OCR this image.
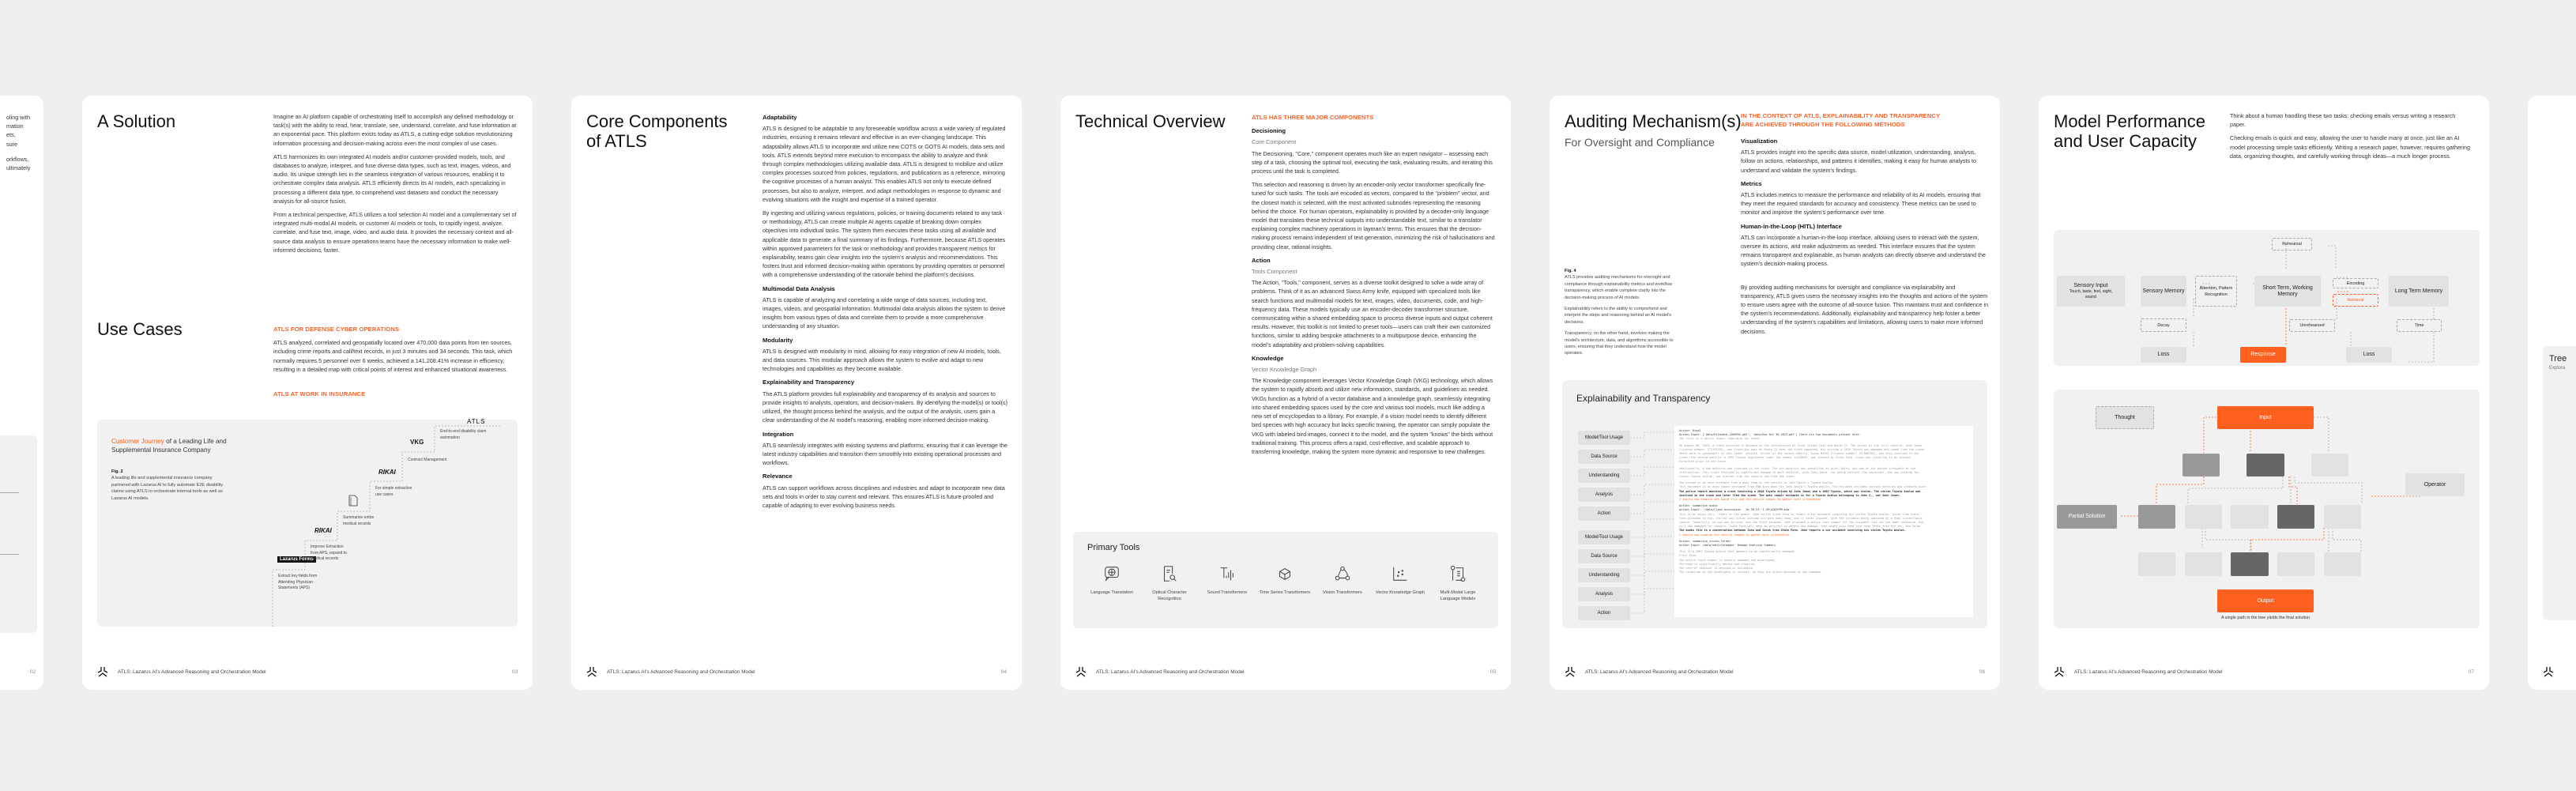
oling with
mation
ets,
sure
orkflows,
ultimately
02
A Solution	Imagine an AI platform capable of orchestrating itself to accomplish any defined methodology or task(s) with the ability to read, hear, translate, see, understand, correlate, and fuse information at an exponential pace. This platform exists today as ATLS, a cutting-edge solution revolutionizing information processing and decision-making across even the most complex of use cases.

ATLS harmonizes its own integrated AI models and/or customer-provided models, tools, and databases to analyze, interpret, and fuse diverse data types, such as text, images, videos, and audio. Its unique strength lies in the seamless integration of various resources, enabling it to orchestrate complex data analysis. ATLS efficiently directs its AI models, each specializing in processing a different data type, to comprehend vast datasets and conduct the necessary analysis for all-source fusion.

From a technical perspective, ATLS utilizes a tool selection AI model and a complementary set of integrated multi-modal AI models, or customer AI models or tools, to rapidly ingest, analyze, correlate, and fuse text, image, video, and audio data. It provides the necessary context and all-source data analysis to ensure operations teams have the necessary information to make well-informed decisions, faster.

Use Cases	ATLS FOR DEFENSE CYBER OPERATIONS

ATLS analyzed, correlated and geospatially located over 470,000 data points from ten sources, including crime reports and call/text records, in just 3 minutes and 34 seconds. This task, which normally requires 5 personnel over 6 weeks, achieved a 141,208.41% increase in efficiency, resulting in a detailed map with critical points of interest and enhanced situational awareness.

ATLS AT WORK IN INSURANCE
Customer Journey of a Leading Life and Supplemental Insurance Company
Fig. 2
A leading life and supplemental insurance company partnered with Lazarus AI to fully automate E2E disability claims using ATLS to orchestrate internal tools as well as Lazarus AI models.
Extract key fields from Attending Physician Statements (APS)
Lazarus Forms
Improve Extraction from APS, expand to medical records
RIKAI
Summarize entire medical records
For simple extraction use cases
RIKAI
Contract Management
VKG
End-to-end disability claim automation
ATLS
ATLS: Lazarus AI's Advanced Reasoning and Orchestration Model	03
Core Components
of ATLS
Adaptability

ATLS is designed to be adaptable to any foreseeable workflow across a wide variety of regulated industries, ensuring it remains relevant and effective in an ever-changing landscape. This adaptability allows ATLS to incorporate and utilize new COTS or GOTS AI models, data sets and tools. ATLS extends beyond mere execution to encompass the ability to analyze and think through complex methodologies utilizing available data. ATLS is designed to mobilize and utilize complex processes sourced from policies, regulations, and publications as a reference, mirroring the cognitive processes of a human analyst. This enables ATLS not only to execute defined processes, but also to analyze, interpret, and adapt methodologies in response to dynamic and evolving situations with the insight and expertise of a trained operator.

By ingesting and utilizing various regulations, policies, or training documents related to any task or methodology, ATLS can create multiple AI agents capable of breaking down complex objectives into individual tasks. The system then executes these tasks using all available and applicable data to generate a final summary of its findings. Furthermore, because ATLS operates within approved parameters for the task or methodology and provides transparent metrics for explainability, teams gain clear insights into the system's analysis and recommendations. This fosters trust and informed decision-making within operations by providing operators or personnel with a comprehensive understanding of the rationale behind the platform's decisions.

Multimodal Data Analysis

ATLS is capable of analyzing and correlating a wide range of data sources, including text, images, videos, and geospatial information. Multimodal data analysis allows the system to derive insights from various types of data and correlate them to provide a more comprehensive understanding of any situation.

Modularity

ATLS is designed with modularity in mind, allowing for easy integration of new AI models, tools, and data sources. This modular approach allows the system to evolve and adapt to new technologies and capabilities as they become available.

Explainability and Transparency

The ATLS platform provides full explainability and transparency of its analysis and sources to provide insights to analysts, operators, and decision-makers. By identifying the model(s) or tool(s) utilized, the thought process behind the analysis, and the output of the analysis, users gain a clear understanding of the AI model's reasoning, enabling more informed decision-making.

Integration

ATLS seamlessly integrates with existing systems and platforms, ensuring that it can leverage the latest industry capabilities and transition them smoothly into existing operational processes and workflows.

Relevance

ATLS can support workflows across disciplines and industries and adapt to incorporate new data sets and tools in order to stay current and relevant. This ensures ATLS is future-proofed and capable of adapting to ever evolving business needs.

ATLS: Lazarus AI's Advanced Reasoning and Orchestration Model	04
Technical Overview	ATLS HAS THREE MAJOR COMPONENTS
Decisioning
Core Component

The Decisioning, "Core," component operates much like an expert navigator – assessing each step of a task, choosing the optimal tool, executing the task, evaluating results, and iterating this process until the task is completed.

This selection and reasoning is driven by an encoder-only vector transformer specifically fine-tuned for such tasks. The tools are encoded as vectors, compared to the "problem" vector, and the closest match is selected, with the most activated subnodes representing the reasoning behind the choice. For human operators, explainability is provided by a decoder-only language model that translates these technical outputs into understandable text, similar to a translator explaining complex machinery operations in layman's terms. This ensures that the decision-making process remains independent of text generation, minimizing the risk of hallucinations and providing clear, rational insights.

Action
Tools Component

The Action, "Tools," component, serves as a diverse toolkit designed to solve a wide array of problems. Think of it as an advanced Swiss Army knife, equipped with specialized tools like search functions and multimodal models for text, images, video, documents, code, and high-frequency data. These models typically use an encoder-decoder transformer structure, communicating within a shared embedding space to process diverse inputs and output coherent results. However, this toolkit is not limited to preset tools—users can craft their own customized functions, similar to adding bespoke attachments to a multipurpose device, enhancing the model's adaptability and problem-solving capabilities.

Knowledge
Vector Knowledge Graph

The Knowledge component leverages Vector Knowledge Graph (VKG) technology, which allows the system to rapidly absorb and utilize new information, standards, and guidelines as needed. VKGs function as a hybrid of a vector database and a knowledge graph, seamlessly integrating into shared embedding spaces used by the core and various tool models, much like adding a new set of encyclopedias to a library. For example, if a vision model needs to identify different bird species with high accuracy but lacks specific training, the operator can simply populate the VKG with labeled bird images, connect it to the model, and the system "knows" the birds without traditional training. This process offers a rapid, cost-effective, and scalable approach to transferring knowledge, making the system more dynamic and responsive to new challenges.

Primary Tools
Language Translation	Optical Character Recognition
Sound Transformers	Time Series Transformers	Vision Transformers	Vector Knowledge Graph	Multi-Modal Large Language Models
ATLS: Lazarus AI's Advanced Reasoning and Orchestration Model	05
Auditing Mechanism(s)
For Oversight and Compliance
Fig. 4
ATLS provides auditing mechanisms for oversight and compliance through explainability metrics and workflow transparency, which enable complete clarity into the decision-making process of AI models.
Explainability refers to the ability to comprehend and interpret the steps and reasoning behind an AI model's decisions.
Transparency, on the other hand, involves making the model's architecture, data, and algorithms accessible to users, ensuring that they understand how the model operates.
IN THE CONTEXT OF ATLS, EXPLAINABILITY AND TRANSPARENCY ARE ACHIEVED THROUGH THE FOLLOWING METHODS
Visualization

ATLS provides insight into the specific data source, model utilization, understanding, analysis, follow on actions, relationships, and patterns it identifies, making it easy for human analysts to understand and validate the system's findings.

Metrics

ATLS includes metrics to measure the performance and reliability of its AI models, ensuring that they meet the required standards for accuracy and consistency. These metrics can be used to monitor and improve the system's performance over time.

Human-in-the-Loop (HITL) Interface

ATLS can incorporate a human-in-the-loop interface, allowing users to interact with the system, oversee its actions, and make adjustments as needed. This interface ensures that the system remains transparent and explainable, as human analysts can directly observe and understand the system's decision-making process.

By providing auditing mechanisms for oversight and compliance via explainability and transparency, ATLS gives users the necessary insights into the thoughts and actions of the system to ensure users agree with the outcome of all-source fusion. This maintains trust and confidence in the system's recommendations. Additionally, explainability and transparency help foster a better understanding of the system's capabilities and limitations, allowing users to make more informed decisions.

Explainability and Transparency
Model/Tool Usage
Data Source
Understanding
Analysis
Action
Model/Tool Usage
Data Source
Understanding
Analysis
Action
Action: RinaI
Action Input: ['data/Estimate-1208932.pdf', 'data/Doc Oct 30 2023.pdf'] There are two documents present here.
The first is a police report regarding the crash:
On August 30, 2023, a crash occurred in Maynard at the intersection of Front Street East and Route 21. The driver of the first vehicle, John Jones
(license number: S71153J61), was traveling east on Route 21 when the crash happened. His driving a 2016 Toyota was damaged and towed from the scene.
There were no passengers in John Jones' vehicle. Driver of the second vehicle, Susan Miles (license number: S57986T65), was also involved in the
crash. The second vehicle, a 1992 Toyota registered under the number 14228949, was insured by State Farm. Susan was traveling in an unknown
direction prior to the crash.
Additionally, a non-motorist was involved in the crash. The non-motorist was identified as Ariel Smith, who was at the marked crosswalk at the
intersection. This crash resulted in significant damage to both vehicles, with John Jones' car being totaled. The assailant, who was driving the
stolen Toyota Avalon, was ejected from the vehicle and fled the scene.
The second is an auto estimate from a body shop on the vehicle of John Smith's Toyota Avalon.
This document is an auto repair estimate from PBW Auto Body for John Smith's Toyota Avalon. The estimate includes various services and products such
The police report mentions a crash involving a 2016 Toyota driven by John Jones and a 1992 Toyota, which was stolen. The stolen Toyota Avalon was
involved in the crash and later fled the scene. The auto repair estimate is for a Toyota Avalon belonging to John S., not John Jones.
I should now examine the audio file and the vehicle images to gather more information.
Action: summarize_audio
Action Input: '/data/Claim discussion - 10_30_23: 1.39\u202FPM.m4a'
This is an audio call, likely on the phone. John called State Farm to report a car accident involving his stolen Toyota Avalon. Sarah from State
Farm attended to him. The car was stolen outside his auto body shop, and it later crashed, with the incident being captured on a home surveillance
camera. Thankfully, no one was injured, and the thief escaped. John provided a police case number for the incident. His car has been recovered, but
it's too damaged for repairs. State Farm will send an adjuster to assess the damage. John might also have lost some tools from the car, and Sarah
The audio file is a conversation between John and Sarah from State Farm. John reports a car accident involving his stolen Toyota Avalon.
I should now examine the vehicle images to gather more information.
Action: summarize_vision_folder
Action Input: /data/vehicleimages' Damage Analysis Summary
This is a 2007 Toyota Avalon that appears to be significantly damaged.
Front View:
The entire front bumper is heavily damaged and misaligned.
The hood is significantly dented and crumpled.
The central radiator is missing or dislodged.
The condition of the headlights is unclear; as they are either missing or too damaged.
ATLS: Lazarus AI's Advanced Reasoning and Orchestration Model	06
Model Performance
and User Capacity

Think about a human handling these two tasks: checking emails versus writing a research paper.

Checking emails is quick and easy, allowing the user to handle many at once, just like an AI model processing simple tasks efficiently. Writing a research paper, however, requires gathering data, organizing thoughts, and carefully working through ideas—a much longer process.

Sensory Input
Touch, taste, feel, sight, sound
Sensory Memory	Attention, Pattern Recognition
Short Term, Working Memory
Rehearsal
Encoding
Retrieval
Long Term Memory
Decay
Loss	Response
Unrehearsed
Loss
Time
Thought	Input
Operator
Partial Solution
Output
A single path in the tree yields the final solution
ATLS: Lazarus AI's Advanced Reasoning and Orchestration Model	07
Tree
Explora
